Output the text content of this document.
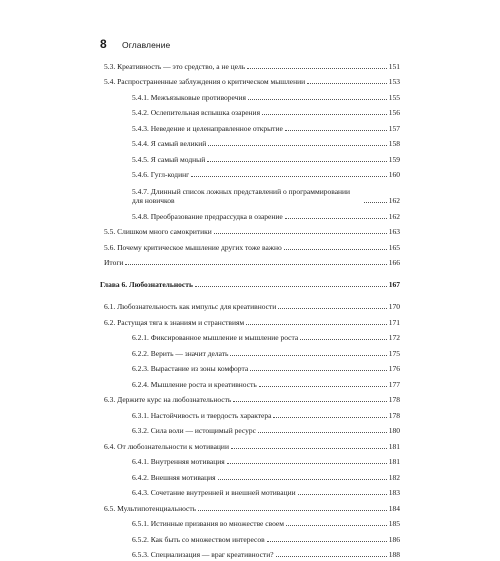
8	Оглавление
5.3. Креативность — это средство, а не цель	151
5.4. Распространенные заблуждения о критическом мышлении	153
5.4.1. Межъязыковые противоречия	155
5.4.2. Ослепительная вспышка озарения	156
5.4.3. Неведение и целенаправленное открытие	157
5.4.4. Я самый великий	158
5.4.5. Я самый модный	159
5.4.6. Гугл-кодинг	160
5.4.7. Длинный список ложных представлений о программировании для новичков	162
5.4.8. Преобразование предрассудка в озарение	162
5.5. Слишком много самокритики	163
5.6. Почему критическое мышление других тоже важно	165
Итоги	166
Глава 6. Любознательность	167
6.1. Любознательность как импульс для креативности	170
6.2. Растущая тяга к знаниям и странствиям	171
6.2.1. Фиксированное мышление и мышление роста	172
6.2.2. Верить — значит делать	175
6.2.3. Вырастание из зоны комфорта	176
6.2.4. Мышление роста и креативность	177
6.3. Держите курс на любознательность	178
6.3.1. Настойчивость и твердость характера	178
6.3.2. Сила воли — истощимый ресурс	180
6.4. От любознательности к мотивации	181
6.4.1. Внутренняя мотивация	181
6.4.2. Внешняя мотивация	182
6.4.3. Сочетание внутренней и внешней мотивации	183
6.5. Мультипотенциальность	184
6.5.1. Истинные призвания во множестве своем	185
6.5.2. Как быть со множеством интересов	186
6.5.3. Специализация — враг креативности?	188
